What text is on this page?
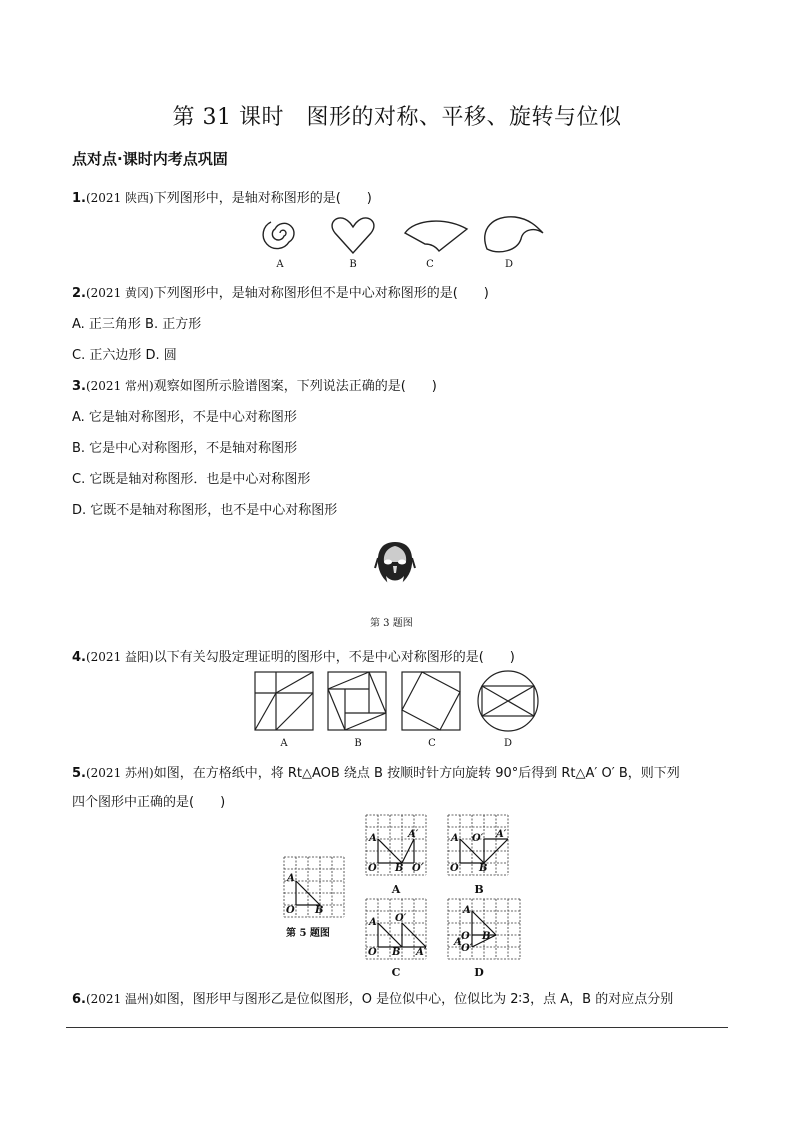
第 31 课时　图形的对称、平移、旋转与位似
点对点·课时内考点巩固
1.(2021 陕西)下列图形中，是轴对称图形的是(　　)
A	B	C	D
2.(2021 黄冈)下列图形中，是轴对称图形但不是中心对称图形的是(　　)
A. 正三角形 B. 正方形
C. 正六边形 D. 圆
3.(2021 常州)观察如图所示脸谱图案，下列说法正确的是(　　)
A. 它是轴对称图形，不是中心对称图形
B. 它是中心对称图形，不是轴对称图形
C. 它既是轴对称图形．也是中心对称图形
D. 它既不是轴对称图形，也不是中心对称图形
第 3 题图
4.(2021 益阳)以下有关勾股定理证明的图形中，不是中心对称图形的是(　　)
A	B	C	D
5.(2021 苏州)如图，在方格纸中，将 Rt△AOB 绕点 B 按顺时针方向旋转 90°后得到 Rt△A′ O′ B，则下列
四个图形中正确的是(　　)
A
O B
A	A′
O B O′
A O′ A′
O B
A O′
O B A′
A
O B
O′
A′
第 5 题图
A	B
C	D
6.(2021 温州)如图，图形甲与图形乙是位似图形，O 是位似中心，位似比为 2∶3，点 A，B 的对应点分别
